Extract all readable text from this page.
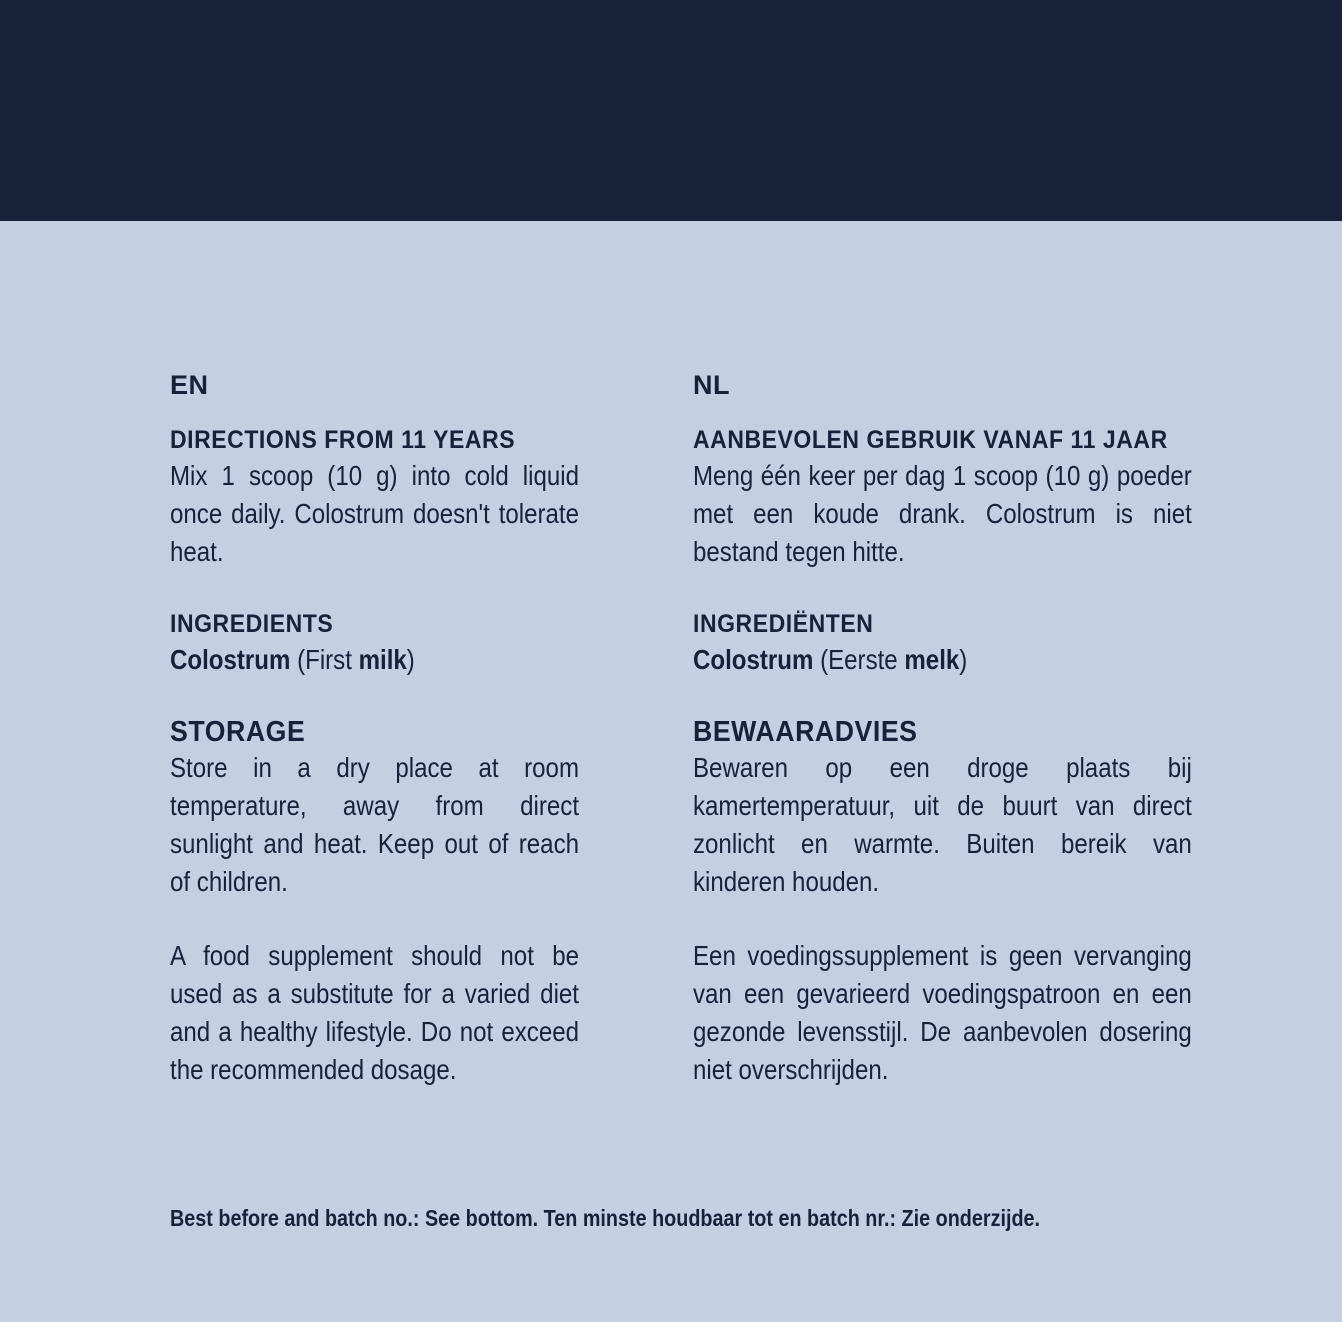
EN
DIRECTIONS FROM 11 YEARS

Mix 1 scoop (10 g) into cold liquid once daily. Colostrum doesn't tolerate heat.

INGREDIENTS

Colostrum (First milk)

STORAGE

Store in a dry place at room temperature, away from direct sunlight and heat. Keep out of reach of children.

A food supplement should not be used as a substitute for a varied diet and a healthy lifestyle. Do not exceed the recommended dosage.

NL
AANBEVOLEN GEBRUIK VANAF 11 JAAR

Meng één keer per dag 1 scoop (10 g) poeder met een koude drank. Colostrum is niet bestand tegen hitte.

INGREDIËNTEN

Colostrum (Eerste melk)

BEWAARADVIES

Bewaren op een droge plaats bij kamertemperatuur, uit de buurt van direct zonlicht en warmte. Buiten bereik van kinderen houden.

Een voedingssupplement is geen vervanging van een gevarieerd voedingspatroon en een gezonde levensstijl. De aanbevolen dosering niet overschrijden.

Best before and batch no.: See bottom. Ten minste houdbaar tot en batch nr.: Zie onderzijde.
